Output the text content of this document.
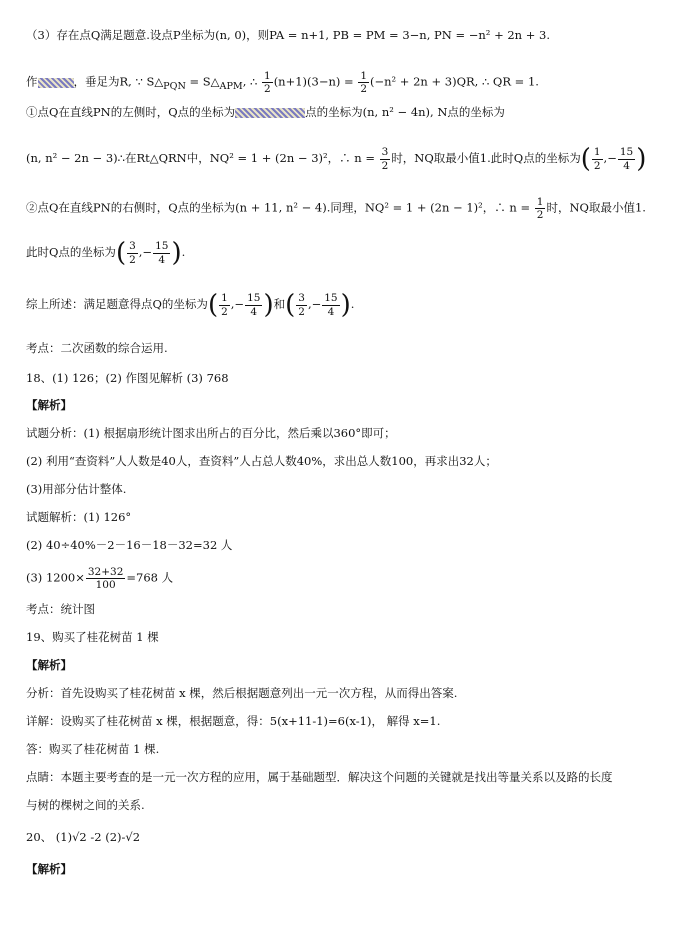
（3）存在点Q满足题意.设点P坐标为(n, 0)，则PA = n+1, PB = PM = 3−n, PN = −n² + 2n + 3.
作	，垂足为R, ∵ $S\triangle_{PQN}$ = $S\triangle_{APM}$, ∴ $\frac{1}{2} (n+1)(3-n) = \frac{1}{2} (-n^2 + 2n + 3)QR$, ∴ QR = 1.
①点Q在直线PN的左侧时，Q点的坐标为	点的坐标为(n, n² − 4n), N点的坐标为
(n, n² − 2n − 3)∴在Rt△QRN中，NQ² = 1 + (2n − 3)²，∴ $n = \frac{3}{2}$ 时，NQ取最小值1.此时Q点的坐标为( $\frac{1}{2}$ ,− $\frac{15}{4}$ )
②点Q在直线PN的右侧时，Q点的坐标为(n + 11, n² − 4).同理，NQ² = 1 + (2n − 1)²，∴ $n = \frac{1}{2}$ 时，NQ取最小值1.
此时Q点的坐标为( $\frac{3}{2}$ ,− $\frac{15}{4}$ ).
综上所述：满足题意得点Q的坐标为( $\frac{1}{2}$ ,− $\frac{15}{4}$ )和( $\frac{3}{2}$ ,− $\frac{15}{4}$ ).
考点：二次函数的综合运用.
18、(1) 126；(2) 作图见解析 (3) 768
【解析】
试题分析：(1) 根据扇形统计图求出所占的百分比，然后乘以360°即可；
(2) 利用“查资料”人人数是40人，查资料”人占总人数40%，求出总人数100，再求出32人；
(3)用部分估计整体.
试题解析：(1) 126°
(2) 40÷40%－2－16－18－32=32 人
(3) $1200\times \frac{32+32}{100} =768$ 人
考点：统计图
19、购买了桂花树苗 1 棵
【解析】
分析：首先设购买了桂花树苗 x 棵，然后根据题意列出一元一次方程，从而得出答案.
详解：设购买了桂花树苗 x 棵，根据题意，得：5(x+11-1)=6(x-1)， 解得 x=1.
答：购买了桂花树苗 1 棵.
点睛：本题主要考查的是一元一次方程的应用，属于基础题型．解决这个问题的关键就是找出等量关系以及路的长度
与树的棵树之间的关系.
20、 (1)√2 -2 (2)-√2
【解析】
